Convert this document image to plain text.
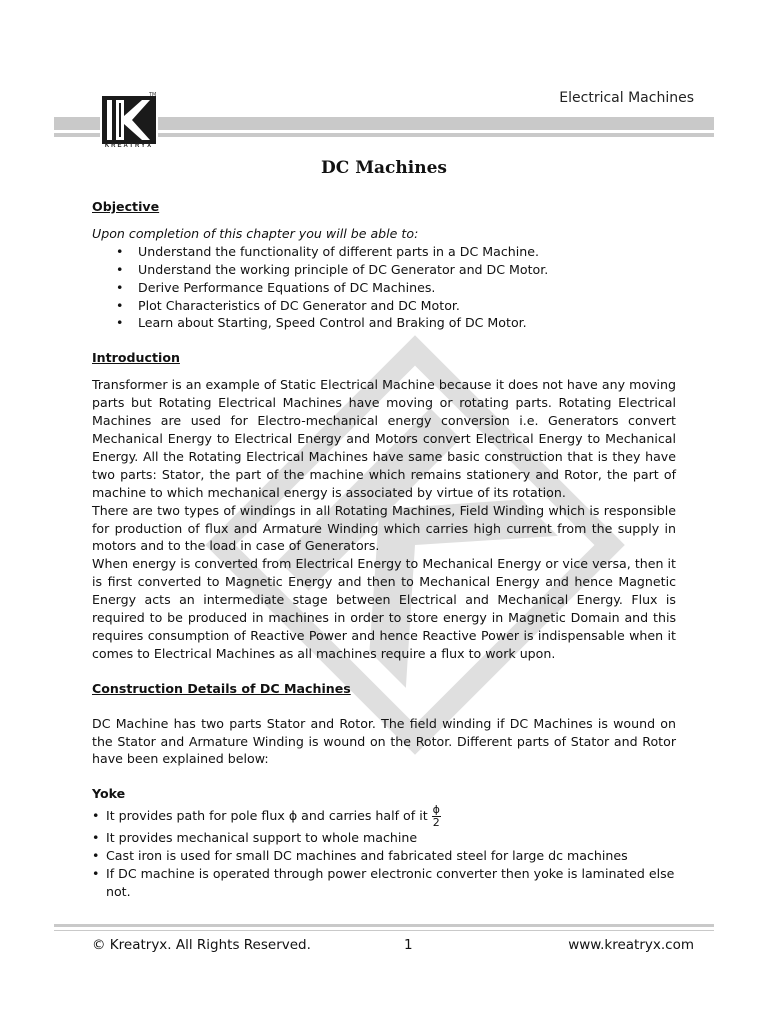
Electrical Machines
TM
KREATRYX
DC Machines

Objective

Upon completion of this chapter you will be able to:

• Understand the functionality of different parts in a DC Machine.
• Understand the working principle of DC Generator and DC Motor.
• Derive Performance Equations of DC Machines.
• Plot Characteristics of DC Generator and DC Motor.
• Learn about Starting, Speed Control and Braking of DC Motor.

Introduction

Transformer is an example of Static Electrical Machine because it does not have any moving parts but Rotating Electrical Machines have moving or rotating parts. Rotating Electrical Machines are used for Electro-mechanical energy conversion i.e. Generators convert Mechanical Energy to Electrical Energy and Motors convert Electrical Energy to Mechanical Energy. All the Rotating Electrical Machines have same basic construction that is they have two parts: Stator, the part of the machine which remains stationery and Rotor, the part of machine to which mechanical energy is associated by virtue of its rotation.

There are two types of windings in all Rotating Machines, Field Winding which is responsible for production of flux and Armature Winding which carries high current from the supply in motors and to the load in case of Generators.

When energy is converted from Electrical Energy to Mechanical Energy or vice versa, then it is first converted to Magnetic Energy and then to Mechanical Energy and hence Magnetic Energy acts an intermediate stage between Electrical and Mechanical Energy. Flux is required to be produced in machines in order to store energy in Magnetic Domain and this requires consumption of Reactive Power and hence Reactive Power is indispensable when it comes to Electrical Machines as all machines require a flux to work upon.

Construction Details of DC Machines

DC Machine has two parts Stator and Rotor. The field winding if DC Machines is wound on the Stator and Armature Winding is wound on the Rotor. Different parts of Stator and Rotor have been explained below:

Yoke

• It provides path for pole flux
ϕ
and carries half of it $\frac{\phi}{2}$
• It provides mechanical support to whole machine
• Cast iron is used for small DC machines and fabricated steel for large dc machines
• If DC machine is operated through power electronic converter then yoke is laminated else not.
© Kreatryx. All Rights Reserved.	1	www.kreatryx.com
